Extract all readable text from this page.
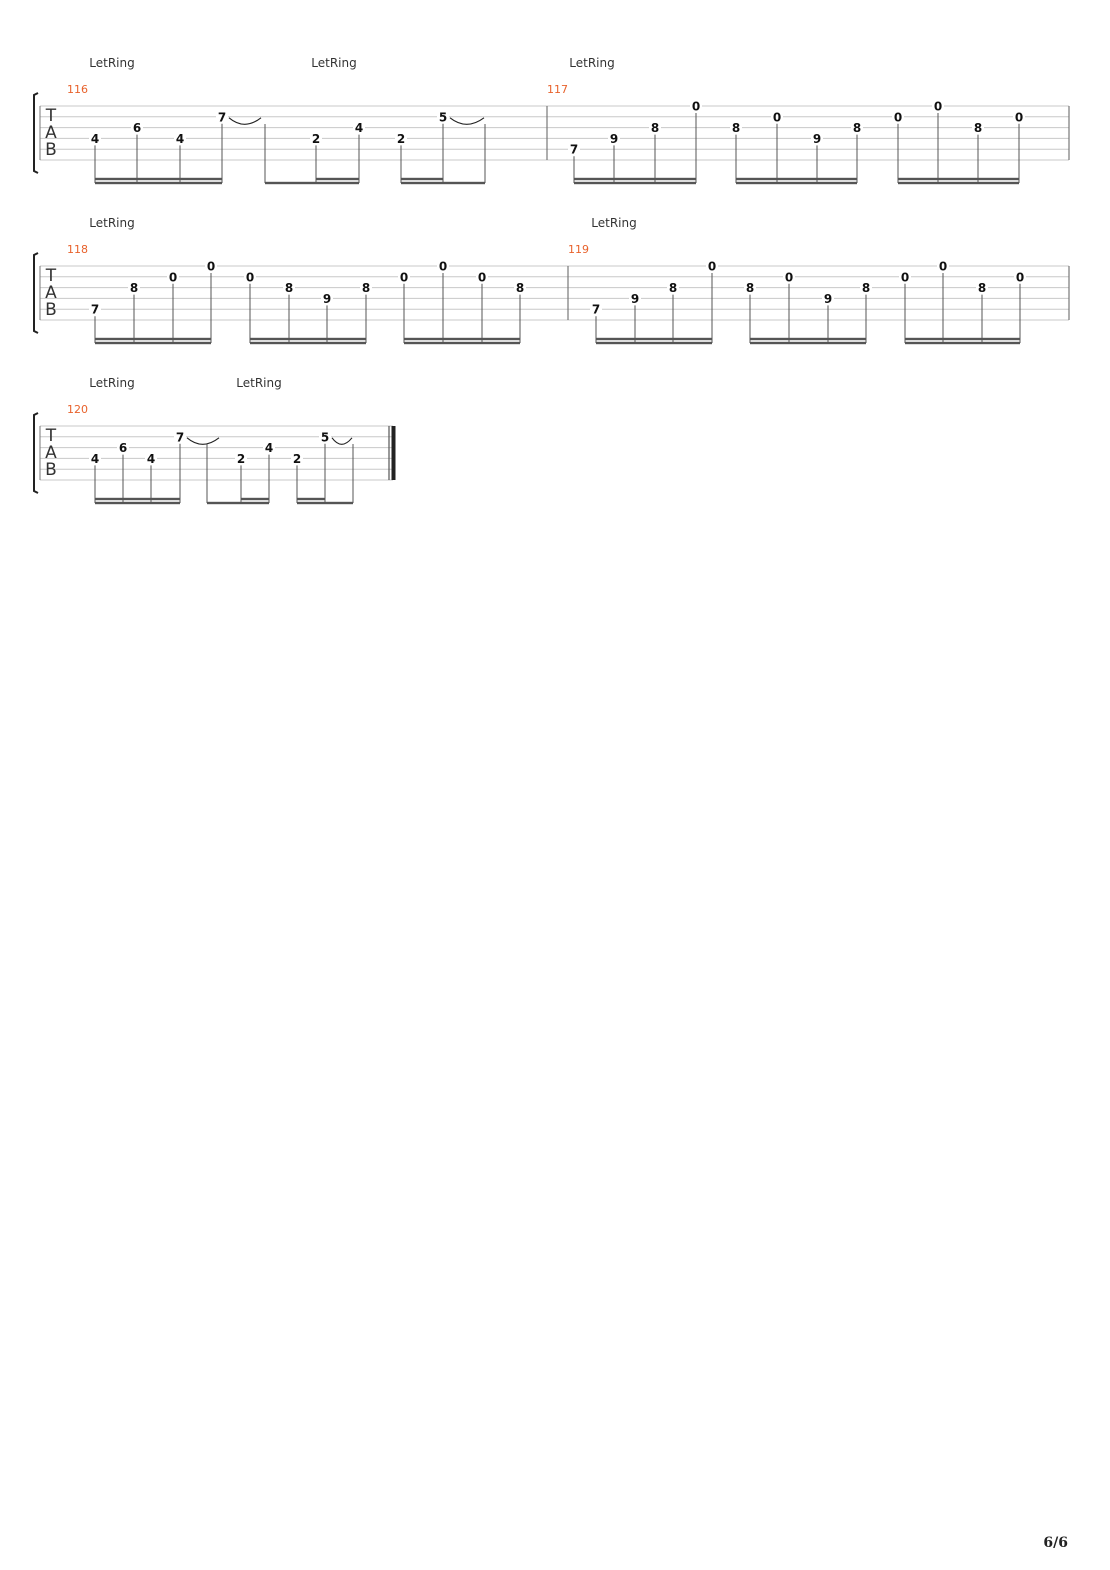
T
A
B
LetRing	LetRing	LetRing
116
4
6
4
7
2
4
2
5
117
7
9
8
0
8
0
9
8
0
0
8
0
T
A
B
LetRing	LetRing
118
7
8
0
0
0
8
9
8
0
0
0
8
119
7
9
8
0
8
0
9
8
0
0
8
0
T
A
B
LetRing	LetRing
120
4
6
4
7
2
4
2
5
6/6
